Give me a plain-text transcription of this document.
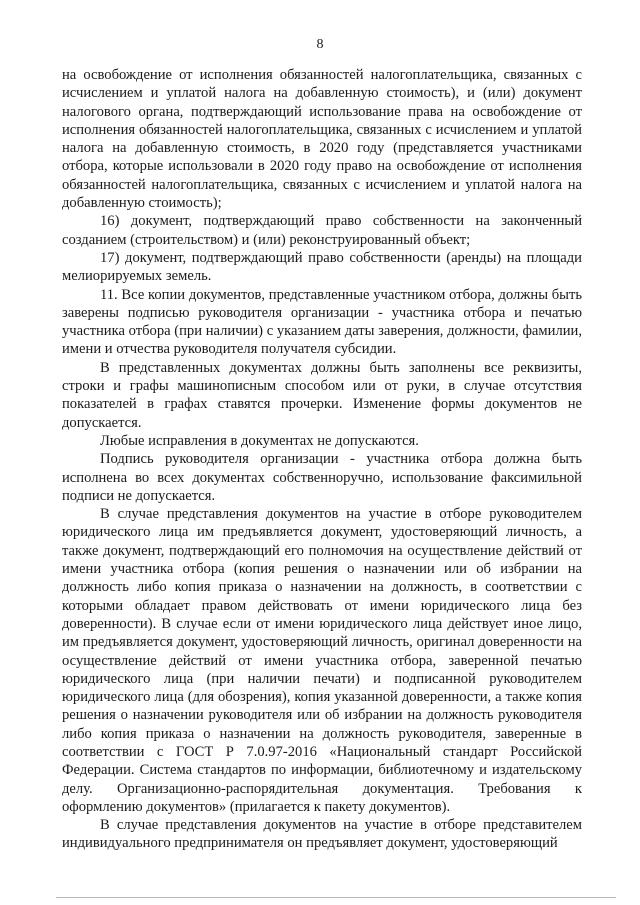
8

на освобождение от исполнения обязанностей налогоплательщика, связанных с исчислением и уплатой налога на добавленную стоимость), и (или) документ налогового органа, подтверждающий использование права на освобождение от исполнения обязанностей налогоплательщика, связанных с исчислением и уплатой налога на добавленную стоимость, в 2020 году (представляется участниками отбора, которые использовали в 2020 году право на освобождение от исполнения обязанностей налогоплательщика, связанных с исчислением и уплатой налога на добавленную стоимость);

16) документ, подтверждающий право собственности на законченный созданием (строительством) и (или) реконструированный объект;

17) документ, подтверждающий право собственности (аренды) на площади мелиорируемых земель.

11. Все копии документов, представленные участником отбора, должны быть заверены подписью руководителя организации - участника отбора и печатью участника отбора (при наличии) с указанием даты заверения, должности, фамилии, имени и отчества руководителя получателя субсидии.

В представленных документах должны быть заполнены все реквизиты, строки и графы машинописным способом или от руки, в случае отсутствия показателей в графах ставятся прочерки. Изменение формы документов не допускается.

Любые исправления в документах не допускаются.

Подпись руководителя организации - участника отбора должна быть исполнена во всех документах собственноручно, использование факсимильной подписи не допускается.

В случае представления документов на участие в отборе руководителем юридического лица им предъявляется документ, удостоверяющий личность, а также документ, подтверждающий его полномочия на осуществление действий от имени участника отбора (копия решения о назначении или об избрании на должность либо копия приказа о назначении на должность, в соответствии с которыми обладает правом действовать от имени юридического лица без доверенности). В случае если от имени юридического лица действует иное лицо, им предъявляется документ, удостоверяющий личность, оригинал доверенности на осуществление действий от имени участника отбора, заверенной печатью юридического лица (при наличии печати) и подписанной руководителем юридического лица (для обозрения), копия указанной доверенности, а также копия решения о назначении руководителя или об избрании на должность руководителя либо копия приказа о назначении на должность руководителя, заверенные в соответствии с ГОСТ Р 7.0.97-2016 «Национальный стандарт Российской Федерации. Система стандартов по информации, библиотечному и издательскому делу. Организационно-распорядительная документация. Требования к оформлению документов» (прилагается к пакету документов).

В случае представления документов на участие в отборе представителем индивидуального предпринимателя он предъявляет документ, удостоверяющий
